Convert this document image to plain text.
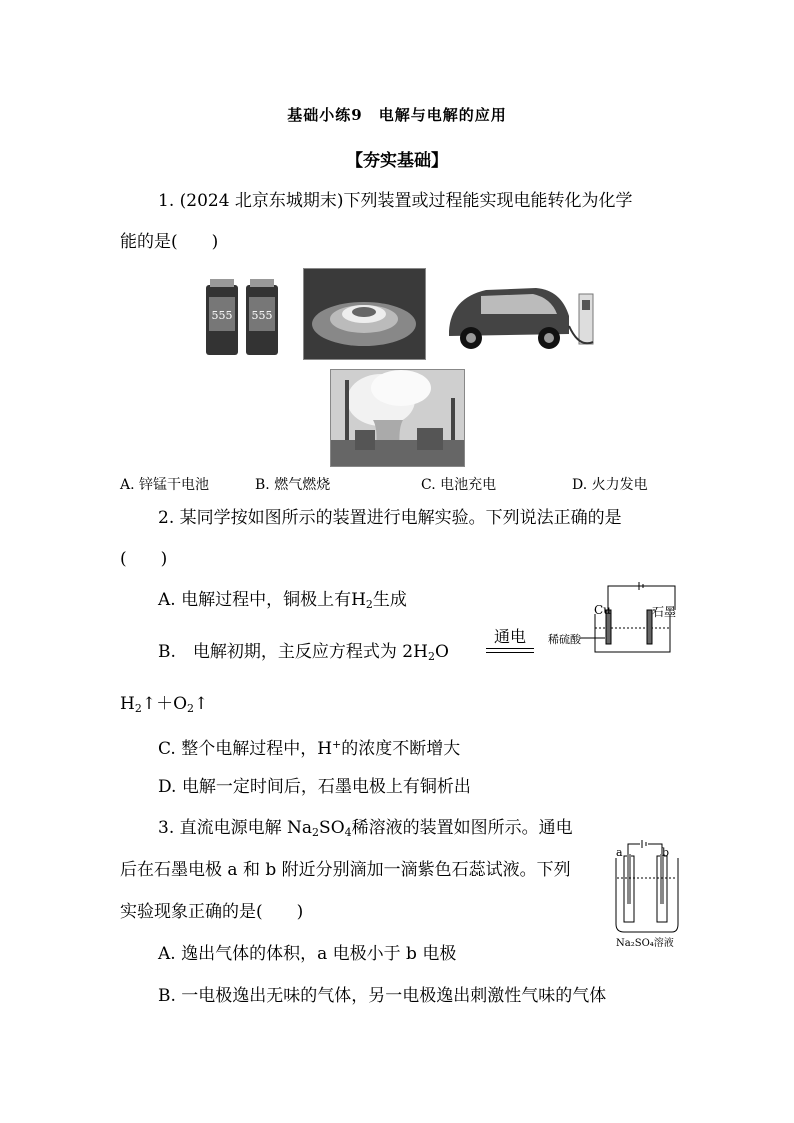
基础小练9　电解与电解的应用
【夯实基础】
1. (2024 北京东城期末)下列装置或过程能实现电能转化为化学
能的是(　　)
555 555
A. 锌锰干电池	B. 燃气燃烧	C. 电池充电	D. 火力发电
2. 某同学按如图所示的装置进行电解实验。下列说法正确的是
(　　)
A. 电解过程中，铜极上有$H_2$生成
B.　电解初期，主反应方程式为 $2H_2O$
通电
$H_2↑+O_2↑$
C. 整个电解过程中，H+的浓度不断增大
D. 电解一定时间后，石墨电极上有铜析出
Cu	石墨
稀硫酸
3. 直流电源电解 $Na_2SO_4$稀溶液的装置如图所示。通电
后在石墨电极 a 和 b 附近分别滴加一滴紫色石蕊试液。下列
实验现象正确的是(　　)
A. 逸出气体的体积，a 电极小于 b 电极
B. 一电极逸出无味的气体，另一电极逸出刺激性气味的气体
a	b
Na₂SO₄溶液
